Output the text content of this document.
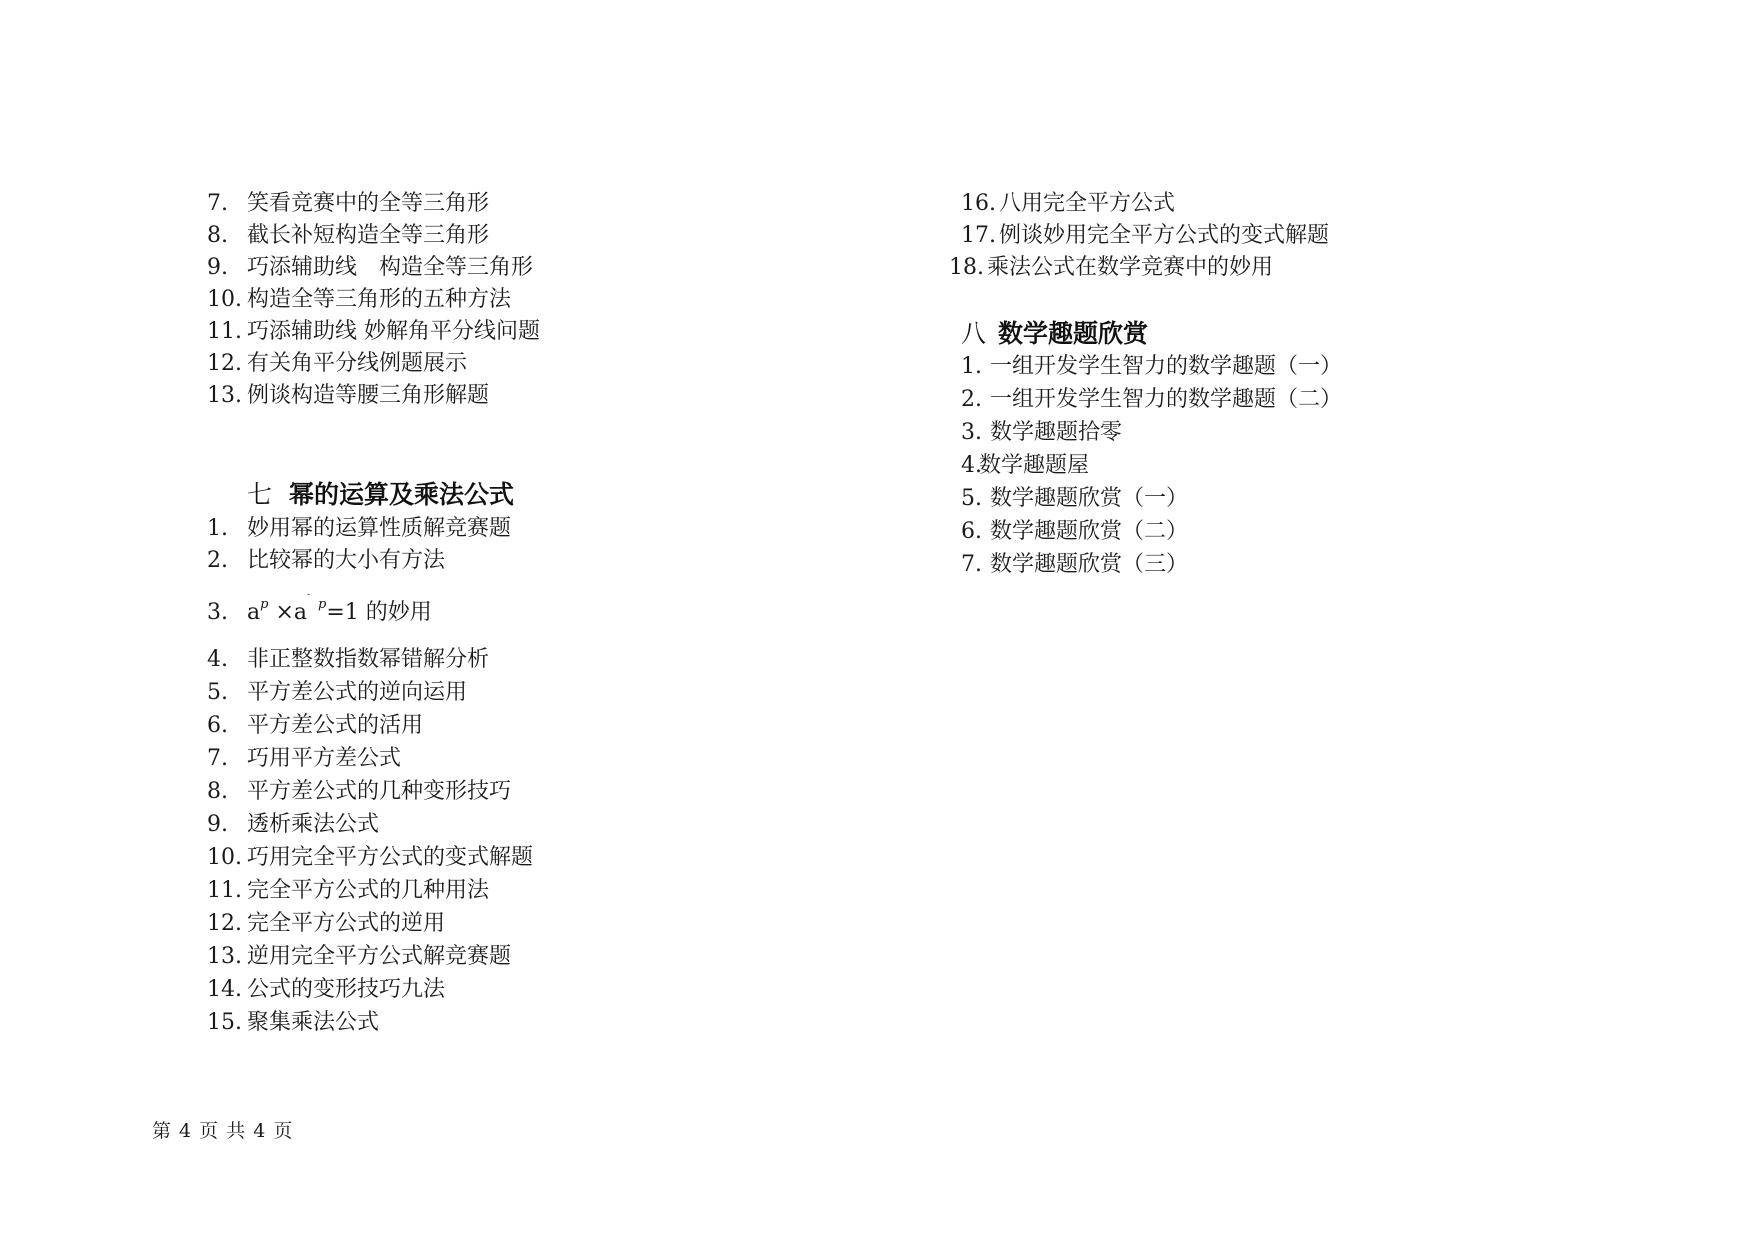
7. 笑看竞赛中的全等三角形
8. 截长补短构造全等三角形
9. 巧添辅助线　构造全等三角形
10. 构造全等三角形的五种方法
11. 巧添辅助线 妙解角平分线问题
12. 有关角平分线例题展示
13. 例谈构造等腰三角形解题
七 幂的运算及乘法公式
1. 妙用幂的运算性质解竞赛题
2. 比较幂的大小有方法
3. $a^p \times a^{-p}=1$ 的妙用
4. 非正整数指数幂错解分析
5. 平方差公式的逆向运用
6. 平方差公式的活用
7. 巧用平方差公式
8. 平方差公式的几种变形技巧
9. 透析乘法公式
10. 巧用完全平方公式的变式解题
11. 完全平方公式的几种用法
12. 完全平方公式的逆用
13. 逆用完全平方公式解竞赛题
14. 公式的变形技巧九法
15. 聚集乘法公式
16. 八用完全平方公式
17. 例谈妙用完全平方公式的变式解题
18. 乘法公式在数学竞赛中的妙用
八 数学趣题欣赏
1. 一组开发学生智力的数学趣题（一）
2. 一组开发学生智力的数学趣题（二）
3. 数学趣题拾零
4.数学趣题屋
5. 数学趣题欣赏（一）
6. 数学趣题欣赏（二）
7. 数学趣题欣赏（三）
第 4 页 共 4 页
